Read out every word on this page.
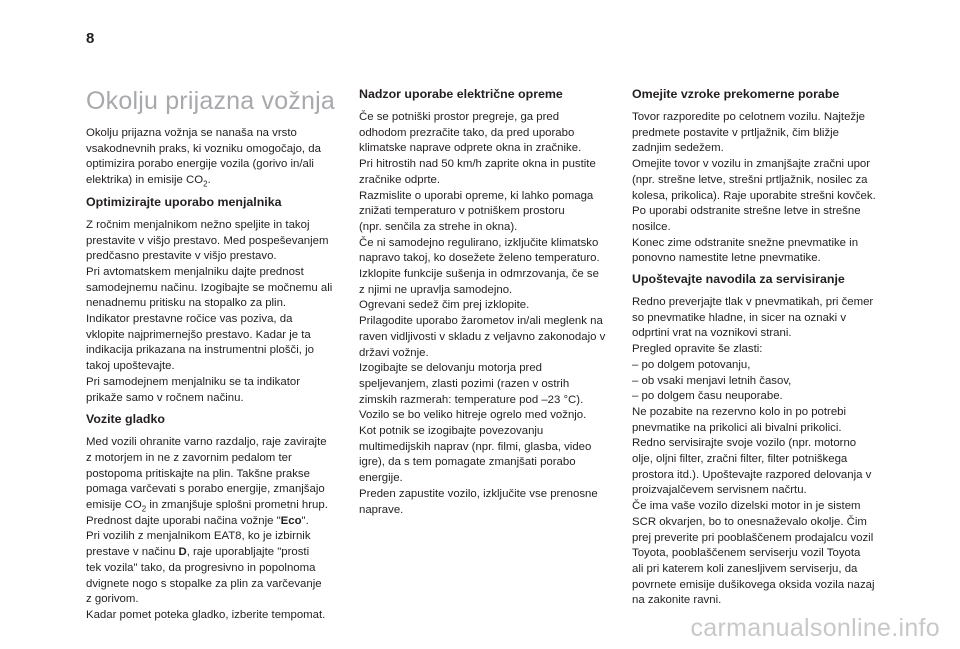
8
Okolju prijazna vožnja

Okolju prijazna vožnja se nanaša na vrsto
vsakodnevnih praks, ki vozniku omogočajo, da
optimizira porabo energije vozila (gorivo in/ali
elektrika) in emisije $CO_2$.

Optimizirajte uporabo menjalnika

Z ročnim menjalnikom nežno speljite in takoj
prestavite v višjo prestavo. Med pospeševanjem
predčasno prestavite v višjo prestavo.
Pri avtomatskem menjalniku dajte prednost
samodejnemu načinu. Izogibajte se močnemu ali
nenadnemu pritisku na stopalko za plin.
Indikator prestavne ročice vas poziva, da
vklopite najprimernejšo prestavo. Kadar je ta
indikacija prikazana na instrumentni plošči, jo
takoj upoštevajte.
Pri samodejnem menjalniku se ta indikator
prikaže samo v ročnem načinu.

Vozite gladko

Med vozili ohranite varno razdaljo, raje zavirajte
z motorjem in ne z zavornim pedalom ter
postopoma pritiskajte na plin. Takšne prakse
pomaga varčevati s porabo energije, zmanjšajo
emisije $CO_2$ in zmanjšuje splošni prometni hrup.
Prednost dajte uporabi načina vožnje "Eco".
Pri vozilih z menjalnikom EAT8, ko je izbirnik
prestave v načinu D, raje uporabljajte "prosti
tek vozila" tako, da progresivno in popolnoma
dvignete nogo s stopalke za plin za varčevanje
z gorivom.
Kadar pomet poteka gladko, izberite tempomat.

Nadzor uporabe električne opreme

Če se potniški prostor pregreje, ga pred
odhodom prezračite tako, da pred uporabo
klimatske naprave odprete okna in zračnike.
Pri hitrostih nad 50 km/h zaprite okna in pustite
zračnike odprte.
Razmislite o uporabi opreme, ki lahko pomaga
znižati temperaturo v potniškem prostoru
(npr. senčila za strehe in okna).
Če ni samodejno regulirano, izključite klimatsko
napravo takoj, ko dosežete želeno temperaturo.
Izklopite funkcije sušenja in odmrzovanja, če se
z njimi ne upravlja samodejno.
Ogrevani sedež čim prej izklopite.
Prilagodite uporabo žarometov in/ali meglenk na
raven vidljivosti v skladu z veljavno zakonodajo v
državi vožnje.
Izogibajte se delovanju motorja pred
speljevanjem, zlasti pozimi (razen v ostrih
zimskih razmerah: temperature pod –23 °C).
Vozilo se bo veliko hitreje ogrelo med vožnjo.
Kot potnik se izogibajte povezovanju
multimedijskih naprav (npr. filmi, glasba, video
igre), da s tem pomagate zmanjšati porabo
energije.
Preden zapustite vozilo, izključite vse prenosne
naprave.

Omejite vzroke prekomerne porabe

Tovor razporedite po celotnem vozilu. Najtežje
predmete postavite v prtljažnik, čim bližje
zadnjim sedežem.
Omejite tovor v vozilu in zmanjšajte zračni upor
(npr. strešne letve, strešni prtljažnik, nosilec za
kolesa, prikolica). Raje uporabite strešni kovček.
Po uporabi odstranite strešne letve in strešne
nosilce.
Konec zime odstranite snežne pnevmatike in
ponovno namestite letne pnevmatike.

Upoštevajte navodila za servisiranje

Redno preverjajte tlak v pnevmatikah, pri čemer
so pnevmatike hladne, in sicer na oznaki v
odprtini vrat na voznikovi strani.
Pregled opravite še zlasti:
– po dolgem potovanju,
– ob vsaki menjavi letnih časov,
– po dolgem času neuporabe.
Ne pozabite na rezervno kolo in po potrebi
pnevmatike na prikolici ali bivalni prikolici.
Redno servisirajte svoje vozilo (npr. motorno
olje, oljni filter, zračni filter, filter potniškega
prostora itd.). Upoštevajte razpored delovanja v
proizvajalčevem servisnem načrtu.
Če ima vaše vozilo dizelski motor in je sistem
SCR okvarjen, bo to onesnaževalo okolje. Čim
prej preverite pri pooblaščenem prodajalcu vozil
Toyota, pooblaščenem serviserju vozil Toyota
ali pri katerem koli zanesljivem serviserju, da
povrnete emisije dušikovega oksida vozila nazaj
na zakonite ravni.

carmanualsonline.info
